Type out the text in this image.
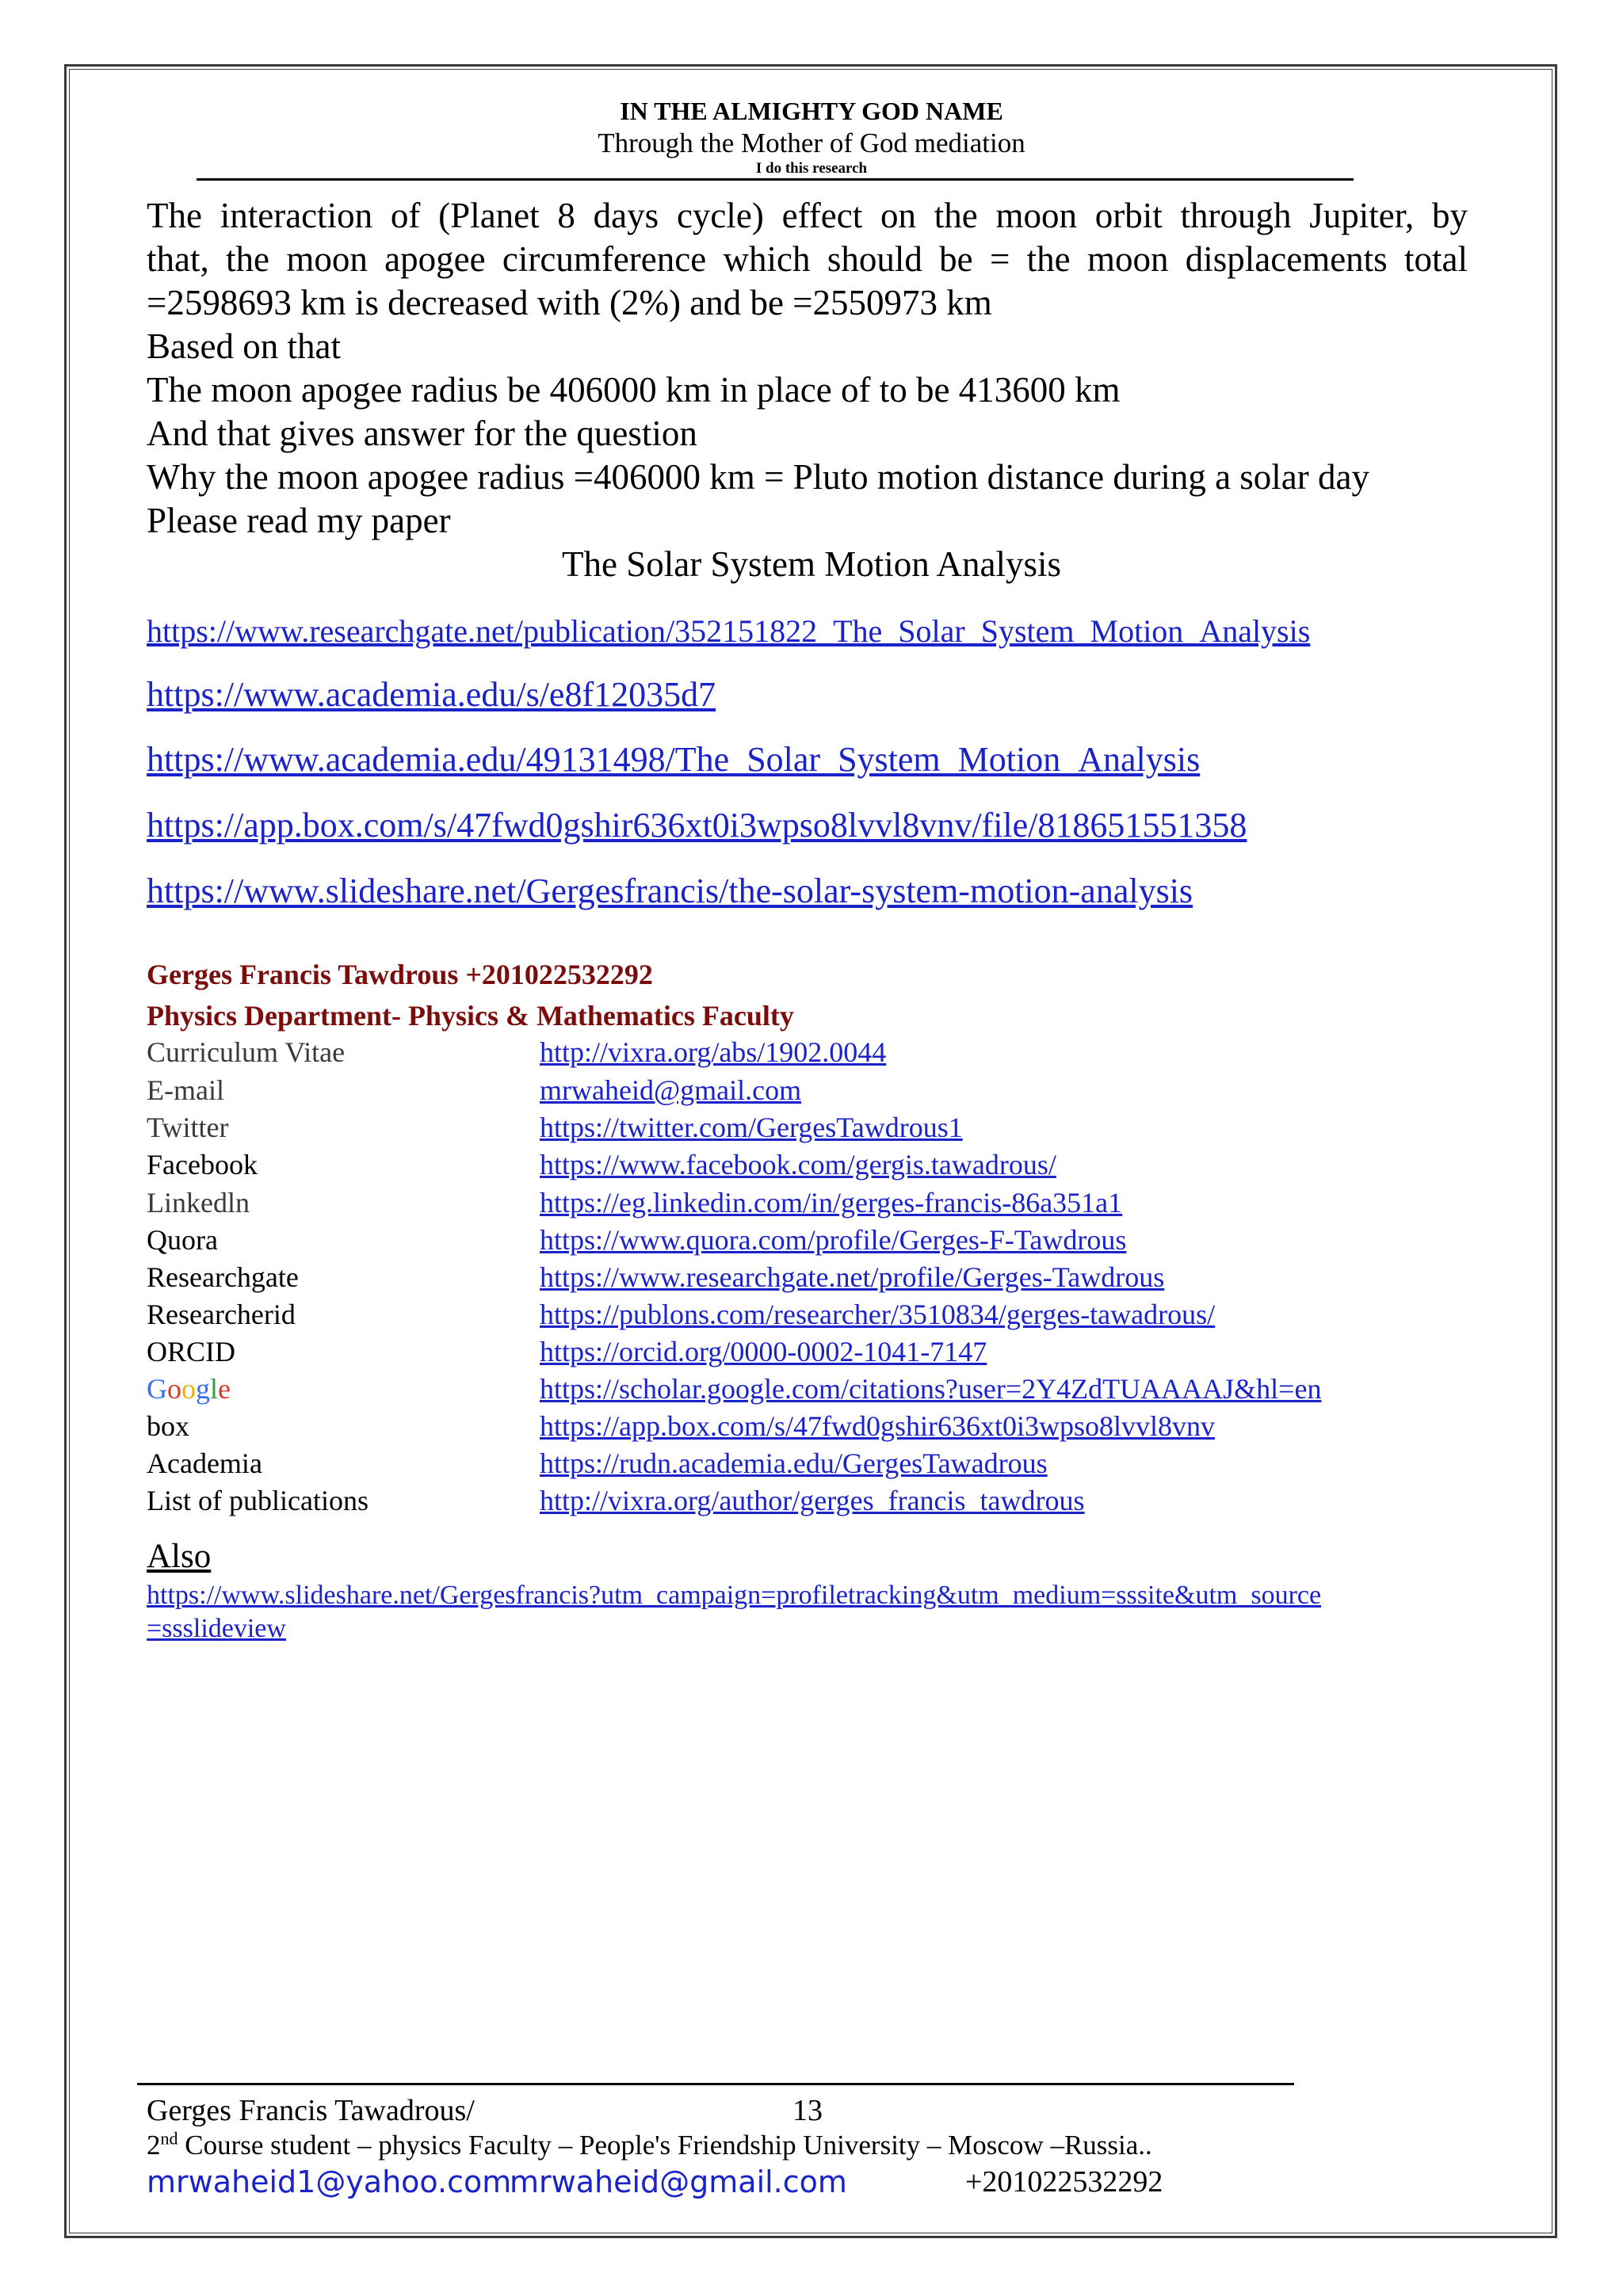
IN THE ALMIGHTY GOD NAME
Through the Mother of God mediation
I do this research
The interaction of (Planet 8 days cycle) effect on the moon orbit through Jupiter, by
that, the moon apogee circumference which should be = the moon displacements total
=2598693 km is decreased with (2%) and be =2550973 km
Based on that
The moon apogee radius be 406000 km in place of to be 413600 km
And that gives answer for the question
Why the moon apogee radius =406000 km = Pluto motion distance during a solar day
Please read my paper
The Solar System Motion Analysis
https://www.researchgate.net/publication/352151822_The_Solar_System_Motion_Analysis
https://www.academia.edu/s/e8f12035d7
https://www.academia.edu/49131498/The_Solar_System_Motion_Analysis
https://app.box.com/s/47fwd0gshir636xt0i3wpso8lvvl8vnv/file/818651551358
https://www.slideshare.net/Gergesfrancis/the-solar-system-motion-analysis
Gerges Francis Tawdrous +201022532292
Physics Department- Physics & Mathematics Faculty
Curriculum Vitae	http://vixra.org/abs/1902.0044
E-mail	mrwaheid@gmail.com
Twitter	https://twitter.com/GergesTawdrous1
Facebook	https://www.facebook.com/gergis.tawadrous/
Linkedln	https://eg.linkedin.com/in/gerges-francis-86a351a1
Quora	https://www.quora.com/profile/Gerges-F-Tawdrous
Researchgate	https://www.researchgate.net/profile/Gerges-Tawdrous
Researcherid	https://publons.com/researcher/3510834/gerges-tawadrous/
ORCID	https://orcid.org/0000-0002-1041-7147
Google	https://scholar.google.com/citations?user=2Y4ZdTUAAAAJ&hl=en
box	https://app.box.com/s/47fwd0gshir636xt0i3wpso8lvvl8vnv
Academia	https://rudn.academia.edu/GergesTawadrous
List of publications	http://vixra.org/author/gerges_francis_tawdrous
Also
https://www.slideshare.net/Gergesfrancis?utm_campaign=profiletracking&utm_medium=sssite&utm_source
=ssslideview
Gerges Francis Tawadrous/	13
2nd Course student – physics Faculty – People's Friendship University – Moscow –Russia..
mrwaheid1@yahoo.com
mrwaheid@gmail.com	+201022532292
